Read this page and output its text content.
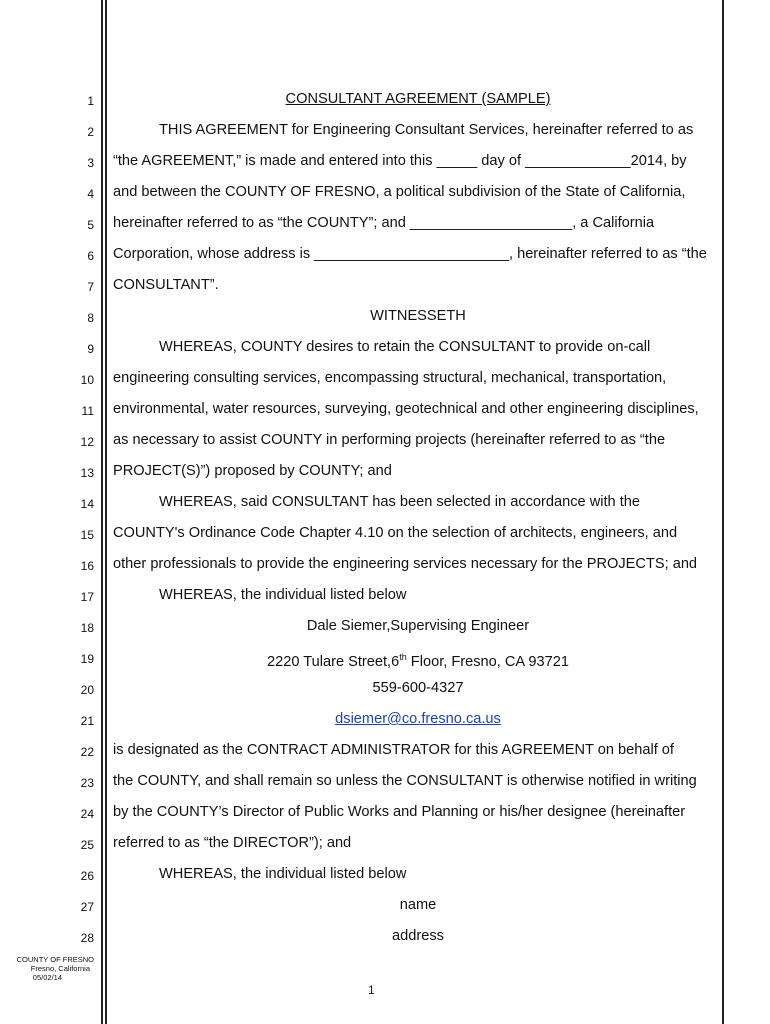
1
2
3
4
5
6
7
8
9
10
11
12
13
14
15
16
17
18
19
20
21
22
23
24
25
26
27
28
CONSULTANT AGREEMENT (SAMPLE)
THIS AGREEMENT for Engineering Consultant Services, hereinafter referred to as
“the AGREEMENT,” is made and entered into this _____ day of _____________2014, by
and between the COUNTY OF FRESNO, a political subdivision of the State of California,
hereinafter referred to as “the COUNTY”; and ____________________, a California
Corporation, whose address is ________________________, hereinafter referred to as “the
CONSULTANT”.
WITNESSETH
WHEREAS, COUNTY desires to retain the CONSULTANT to provide on-call
engineering consulting services, encompassing structural, mechanical, transportation,
environmental, water resources, surveying, geotechnical and other engineering disciplines,
as necessary to assist COUNTY in performing projects (hereinafter referred to as “the
PROJECT(S)”) proposed by COUNTY; and
WHEREAS, said CONSULTANT has been selected in accordance with the
COUNTY's Ordinance Code Chapter 4.10 on the selection of architects, engineers, and
other professionals to provide the engineering services necessary for the PROJECTS; and
WHEREAS, the individual listed below
Dale Siemer,Supervising Engineer
2220 Tulare Street,6th Floor, Fresno, CA 93721
559-600-4327
dsiemer@co.fresno.ca.us
is designated as the CONTRACT ADMINISTRATOR for this AGREEMENT on behalf of
the COUNTY, and shall remain so unless the CONSULTANT is otherwise notified in writing
by the COUNTY’s Director of Public Works and Planning or his/her designee (hereinafter
referred to as “the DIRECTOR”); and
WHEREAS, the individual listed below
name
address
COUNTY OF FRESNO
Fresno, California
05/02/14
1
